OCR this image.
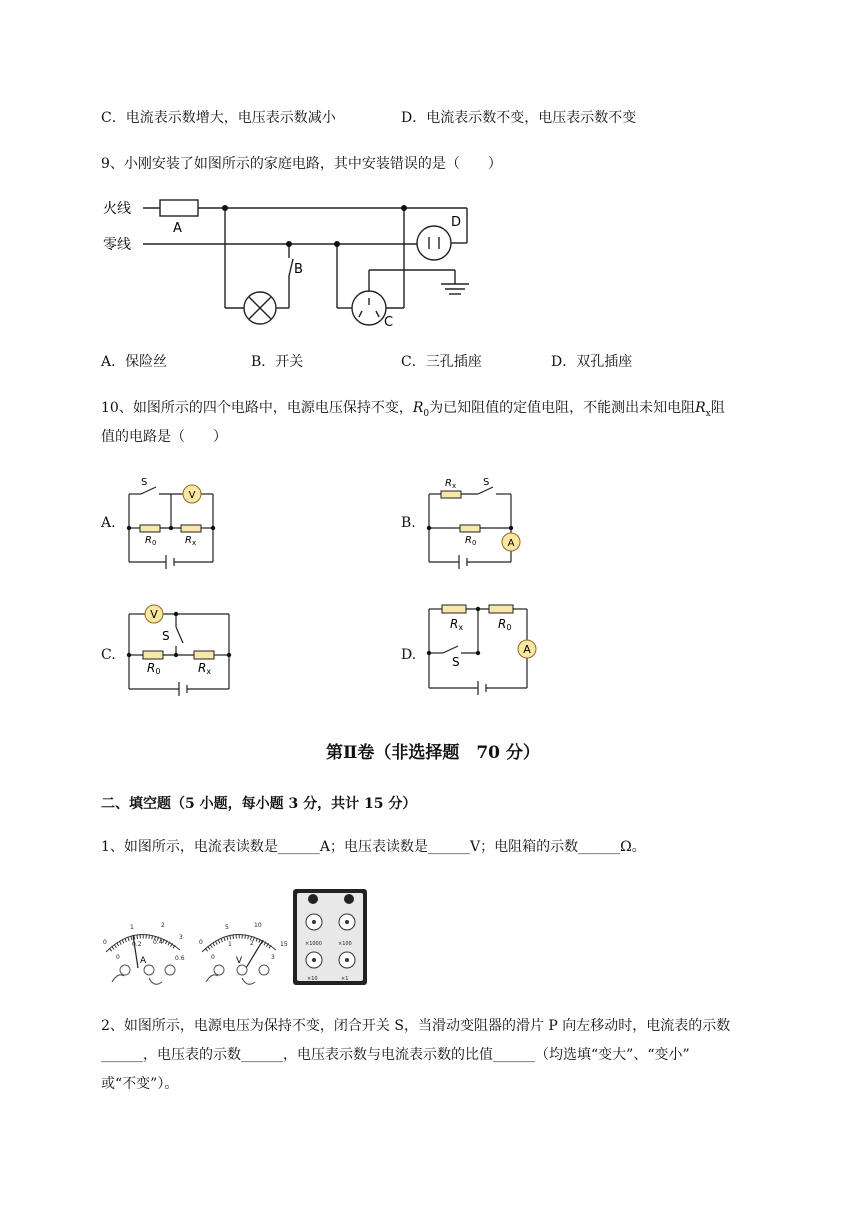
C．电流表示数增大，电压表示数减小	D．电流表示数不变，电压表示数不变
9、小刚安装了如图所示的家庭电路，其中安装错误的是（　　）
火线
零线
A
B
C
D
A．保险丝	B．开关	C．三孔插座	D．双孔插座
10、如图所示的四个电路中，电源电压保持不变，$R_0$为已知阻值的定值电阻，不能测出未知电阻$R_x$阻
值的电路是（　　）
A.	B.
C.	D.
V
A
V
A
S	S
S
S
$R_0$	$R_x$
$R_x$
$R_0$
R0	Rx
Rx	R0
第Ⅱ卷（非选择题　70 分）
二、填空题（5 小题，每小题 3 分，共计 15 分）
1、如图所示，电流表读数是______A；电压表读数是______V；电阻箱的示数______Ω。
0
1	2
3
0
0.2 0.4
0.6
A
0
5	10
15
0
1	2
3
V
×1000	×100
×10	×1
2、如图所示，电源电压为保持不变，闭合开关 S，当滑动变阻器的滑片 P 向左移动时，电流表的示数
______，电压表的示数______，电压表示数与电流表示数的比值______（均选填“变大”、“变小”
或“不变”）。
